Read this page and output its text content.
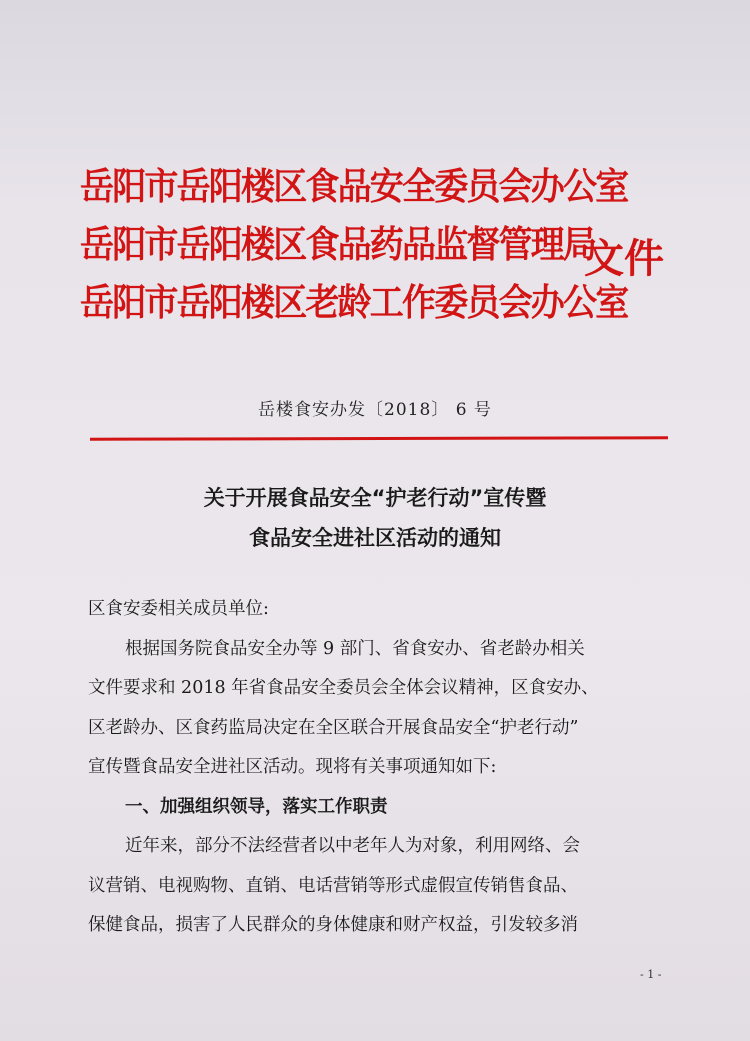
岳阳市岳阳楼区食品安全委员会办公室
岳阳市岳阳楼区食品药品监督管理局
岳阳市岳阳楼区老龄工作委员会办公室
文件
岳楼食安办发〔2018〕 6 号
关于开展食品安全“护老行动”宣传暨
食品安全进社区活动的通知

区食安委相关成员单位:

根据国务院食品安全办等 9 部门、省食安办、省老龄办相关

文件要求和 2018 年省食品安全委员会全体会议精神，区食安办、

区老龄办、区食药监局决定在全区联合开展食品安全“护老行动”

宣传暨食品安全进社区活动。现将有关事项通知如下:

一、加强组织领导，落实工作职责

近年来，部分不法经营者以中老年人为对象，利用网络、会

议营销、电视购物、直销、电话营销等形式虚假宣传销售食品、

保健食品，损害了人民群众的身体健康和财产权益，引发较多消

- 1 -
